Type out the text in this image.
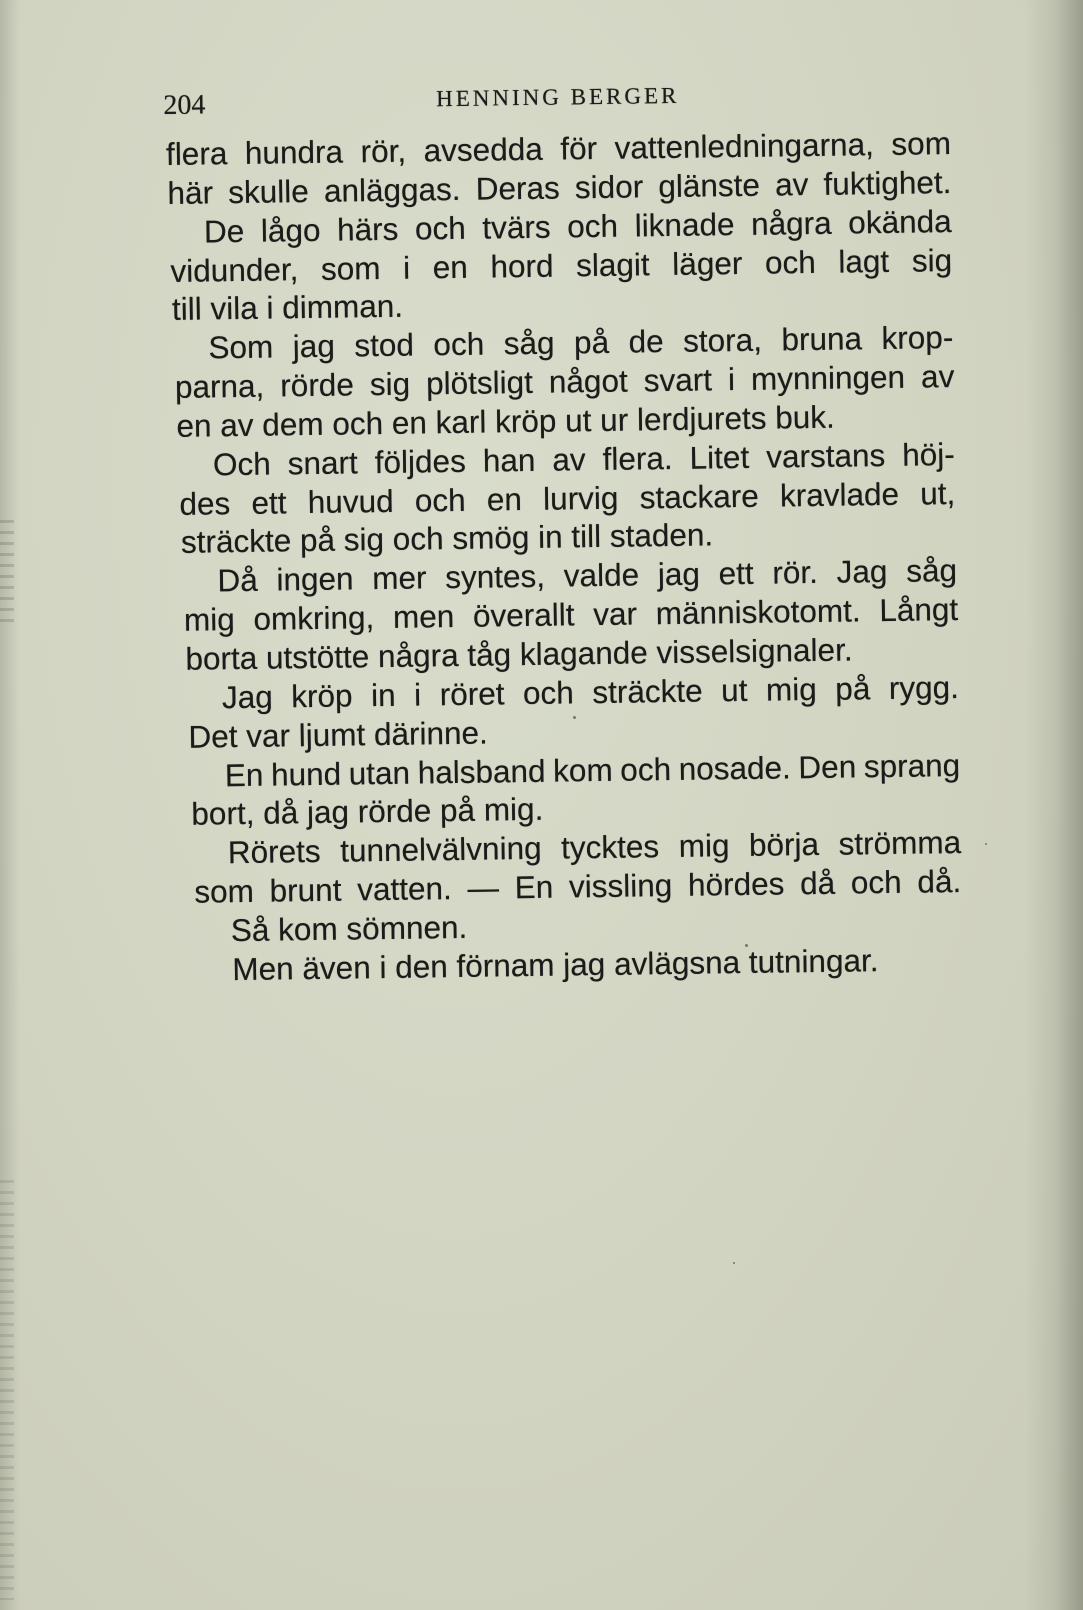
204	HENNING BERGER
flera hundra rör, avsedda för vattenledningarna, som
här skulle anläggas. Deras sidor glänste av fuktighet.
De lågo härs och tvärs och liknade några okända
vidunder, som i en hord slagit läger och lagt sig
till vila i dimman.
Som jag stod och såg på de stora, bruna krop-
parna, rörde sig plötsligt något svart i mynningen av
en av dem och en karl kröp ut ur lerdjurets buk.
Och snart följdes han av flera. Litet varstans höj-
des ett huvud och en lurvig stackare kravlade ut,
sträckte på sig och smög in till staden.
Då ingen mer syntes, valde jag ett rör. Jag såg
mig omkring, men överallt var människotomt. Långt
borta utstötte några tåg klagande visselsignaler.
Jag kröp in i röret och sträckte ut mig på rygg.
Det var ljumt därinne.
En hund utan halsband kom och nosade. Den sprang
bort, då jag rörde på mig.
Rörets tunnelvälvning tycktes mig börja strömma
som brunt vatten. — En vissling hördes då och då.
Så kom sömnen.
Men även i den förnam jag avlägsna tutningar.
